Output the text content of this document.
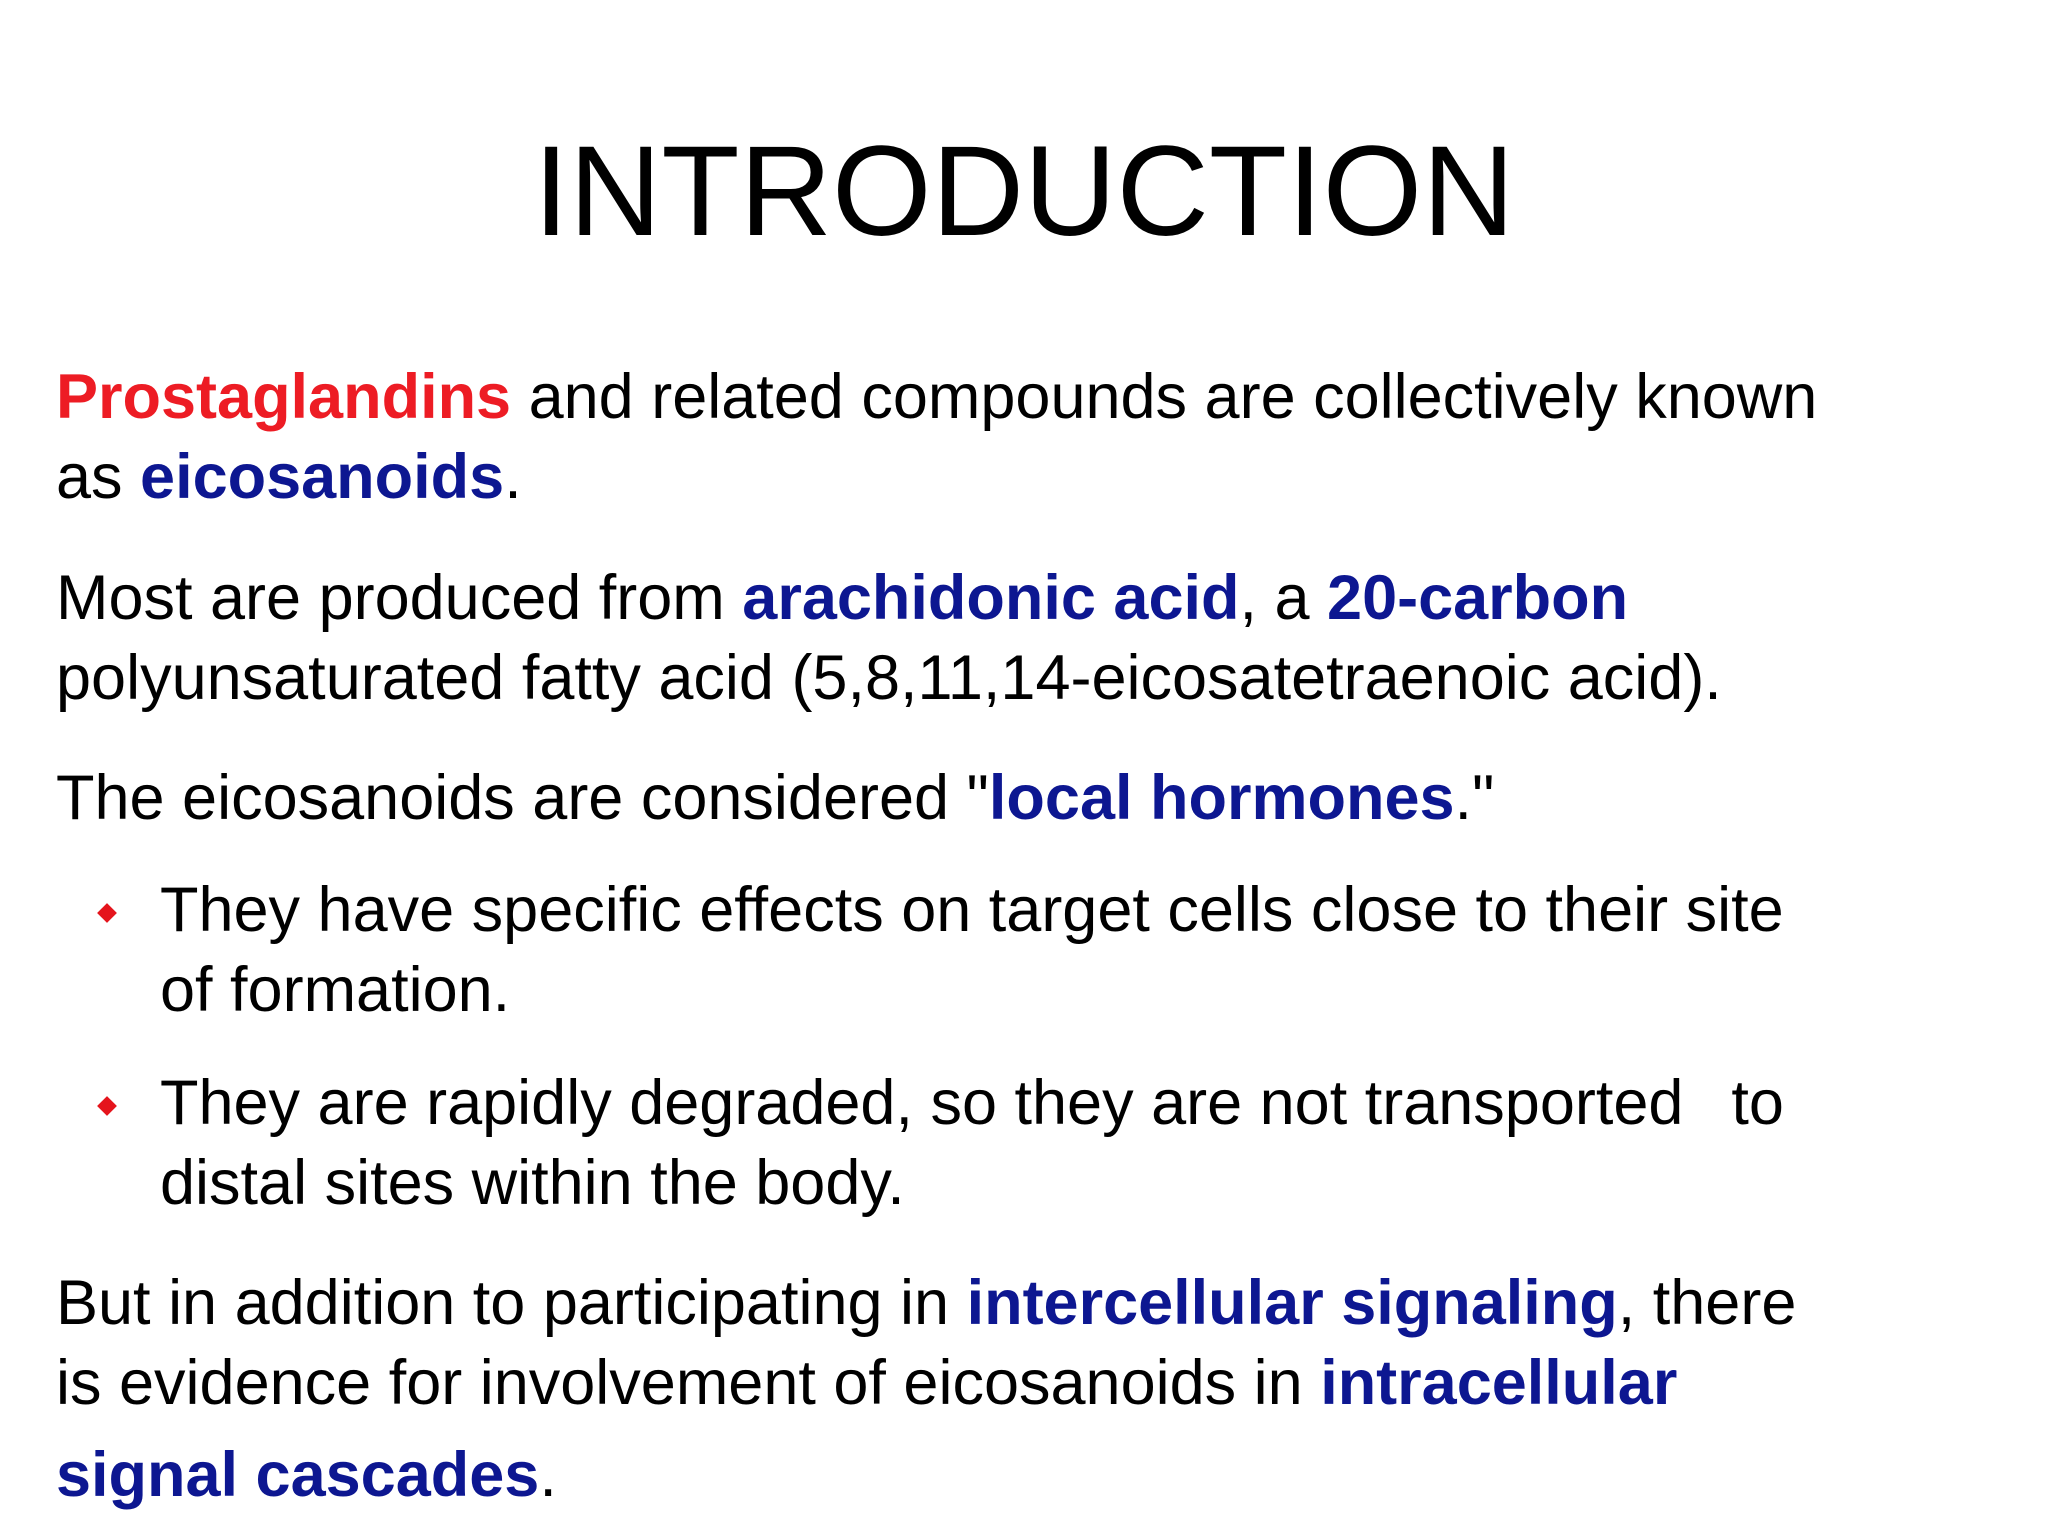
INTRODUCTION
Prostaglandins and related compounds are collectively known
as eicosanoids.
Most are produced from arachidonic acid, a 20-carbon
polyunsaturated fatty acid (5,8,11,14-eicosatetraenoic acid).
The eicosanoids are considered "local hormones."
They have specific effects on target cells close to their site
of formation.
They are rapidly degraded, so they are not transported to
distal sites within the body.
But in addition to participating in intercellular signaling, there
is evidence for involvement of eicosanoids in intracellular

signal cascades.
